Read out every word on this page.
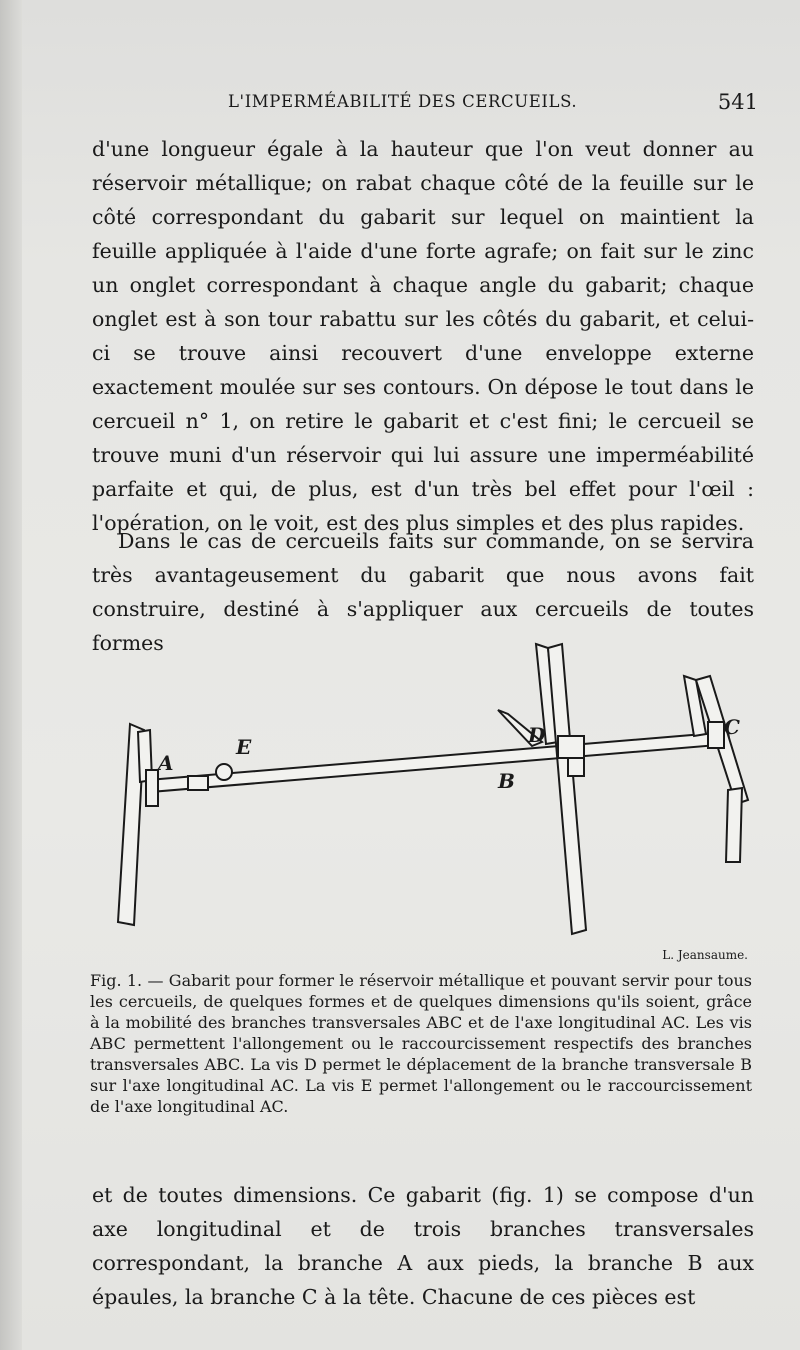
L'IMPERMÉABILITÉ DES CERCUEILS.	541

d'une longueur égale à la hauteur que l'on veut donner au réservoir métallique; on rabat chaque côté de la feuille sur le côté correspondant du gabarit sur lequel on maintient la feuille appliquée à l'aide d'une forte agrafe; on fait sur le zinc un onglet correspondant à chaque angle du gabarit; chaque onglet est à son tour rabattu sur les côtés du gabarit, et celui-ci se trouve ainsi recouvert d'une enveloppe externe exactement moulée sur ses contours. On dépose le tout dans le cercueil n° 1, on retire le gabarit et c'est fini; le cercueil se trouve muni d'un réservoir qui lui assure une imperméabilité parfaite et qui, de plus, est d'un très bel effet pour l'œil : l'opération, on le voit, est des plus simples et des plus rapides.

Dans le cas de cercueils faits sur commande, on se servira très avantageusement du gabarit que nous avons fait construire, destiné à s'appliquer aux cercueils de toutes formes

A
B
C
D
E
L. Jeansaume.

Fig. 1. — Gabarit pour former le réservoir métallique et pouvant servir pour tous les cercueils, de quelques formes et de quelques dimensions qu'ils soient, grâce à la mobilité des branches transversales ABC et de l'axe longitudinal AC. Les vis ABC permettent l'allongement ou le raccourcissement respectifs des branches transversales ABC. La vis D permet le déplacement de la branche transversale B sur l'axe longitudinal AC. La vis E permet l'allongement ou le raccourcissement de l'axe longitudinal AC.

et de toutes dimensions. Ce gabarit (fig. 1) se compose d'un axe longitudinal et de trois branches transversales correspondant, la branche A aux pieds, la branche B aux épaules, la branche C à la tête. Chacune de ces pièces est
